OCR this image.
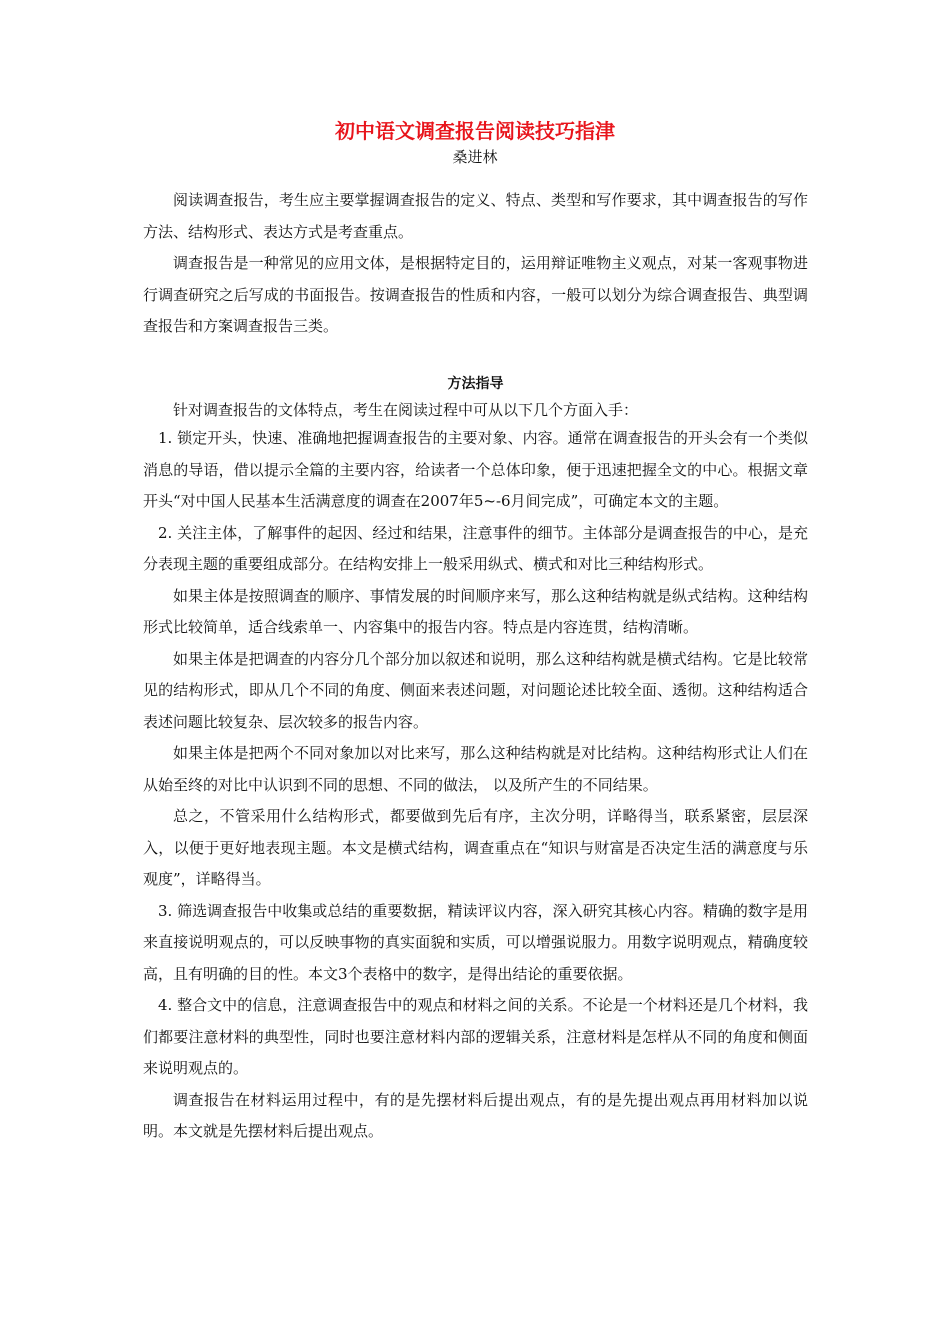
初中语文调查报告阅读技巧指津
桑进林

阅读调查报告，考生应主要掌握调查报告的定义、特点、类型和写作要求，其中调查报告的写作方法、结构形式、表达方式是考查重点。

调查报告是一种常见的应用文体，是根据特定目的，运用辩证唯物主义观点，对某一客观事物进行调查研究之后写成的书面报告。按调查报告的性质和内容，一般可以划分为综合调查报告、典型调查报告和方案调查报告三类。

方法指导

针对调查报告的文体特点，考生在阅读过程中可从以下几个方面入手：

1. 锁定开头，快速、准确地把握调查报告的主要对象、内容。通常在调查报告的开头会有一个类似消息的导语，借以提示全篇的主要内容，给读者一个总体印象，便于迅速把握全文的中心。根据文章开头“对中国人民基本生活满意度的调查在2007年5~-6月间完成”，可确定本文的主题。

2. 关注主体，了解事件的起因、经过和结果，注意事件的细节。主体部分是调查报告的中心，是充分表现主题的重要组成部分。在结构安排上一般采用纵式、横式和对比三种结构形式。

如果主体是按照调查的顺序、事情发展的时间顺序来写，那么这种结构就是纵式结构。这种结构形式比较简单，适合线索单一、内容集中的报告内容。特点是内容连贯，结构清晰。

如果主体是把调查的内容分几个部分加以叙述和说明，那么这种结构就是横式结构。它是比较常见的结构形式，即从几个不同的角度、侧面来表述问题，对问题论述比较全面、透彻。这种结构适合表述问题比较复杂、层次较多的报告内容。

如果主体是把两个不同对象加以对比来写，那么这种结构就是对比结构。这种结构形式让人们在从始至终的对比中认识到不同的思想、不同的做法， 以及所产生的不同结果。

总之，不管采用什么结构形式，都要做到先后有序，主次分明，详略得当，联系紧密，层层深入，以便于更好地表现主题。本文是横式结构，调查重点在“知识与财富是否决定生活的满意度与乐观度”，详略得当。

3. 筛选调查报告中收集或总结的重要数据，精读评议内容，深入研究其核心内容。精确的数字是用来直接说明观点的，可以反映事物的真实面貌和实质，可以增强说服力。用数字说明观点，精确度较高，且有明确的目的性。本文3个表格中的数字，是得出结论的重要依据。

4. 整合文中的信息，注意调查报告中的观点和材料之间的关系。不论是一个材料还是几个材料，我们都要注意材料的典型性，同时也要注意材料内部的逻辑关系，注意材料是怎样从不同的角度和侧面来说明观点的。

调查报告在材料运用过程中，有的是先摆材料后提出观点，有的是先提出观点再用材料加以说明。本文就是先摆材料后提出观点。
